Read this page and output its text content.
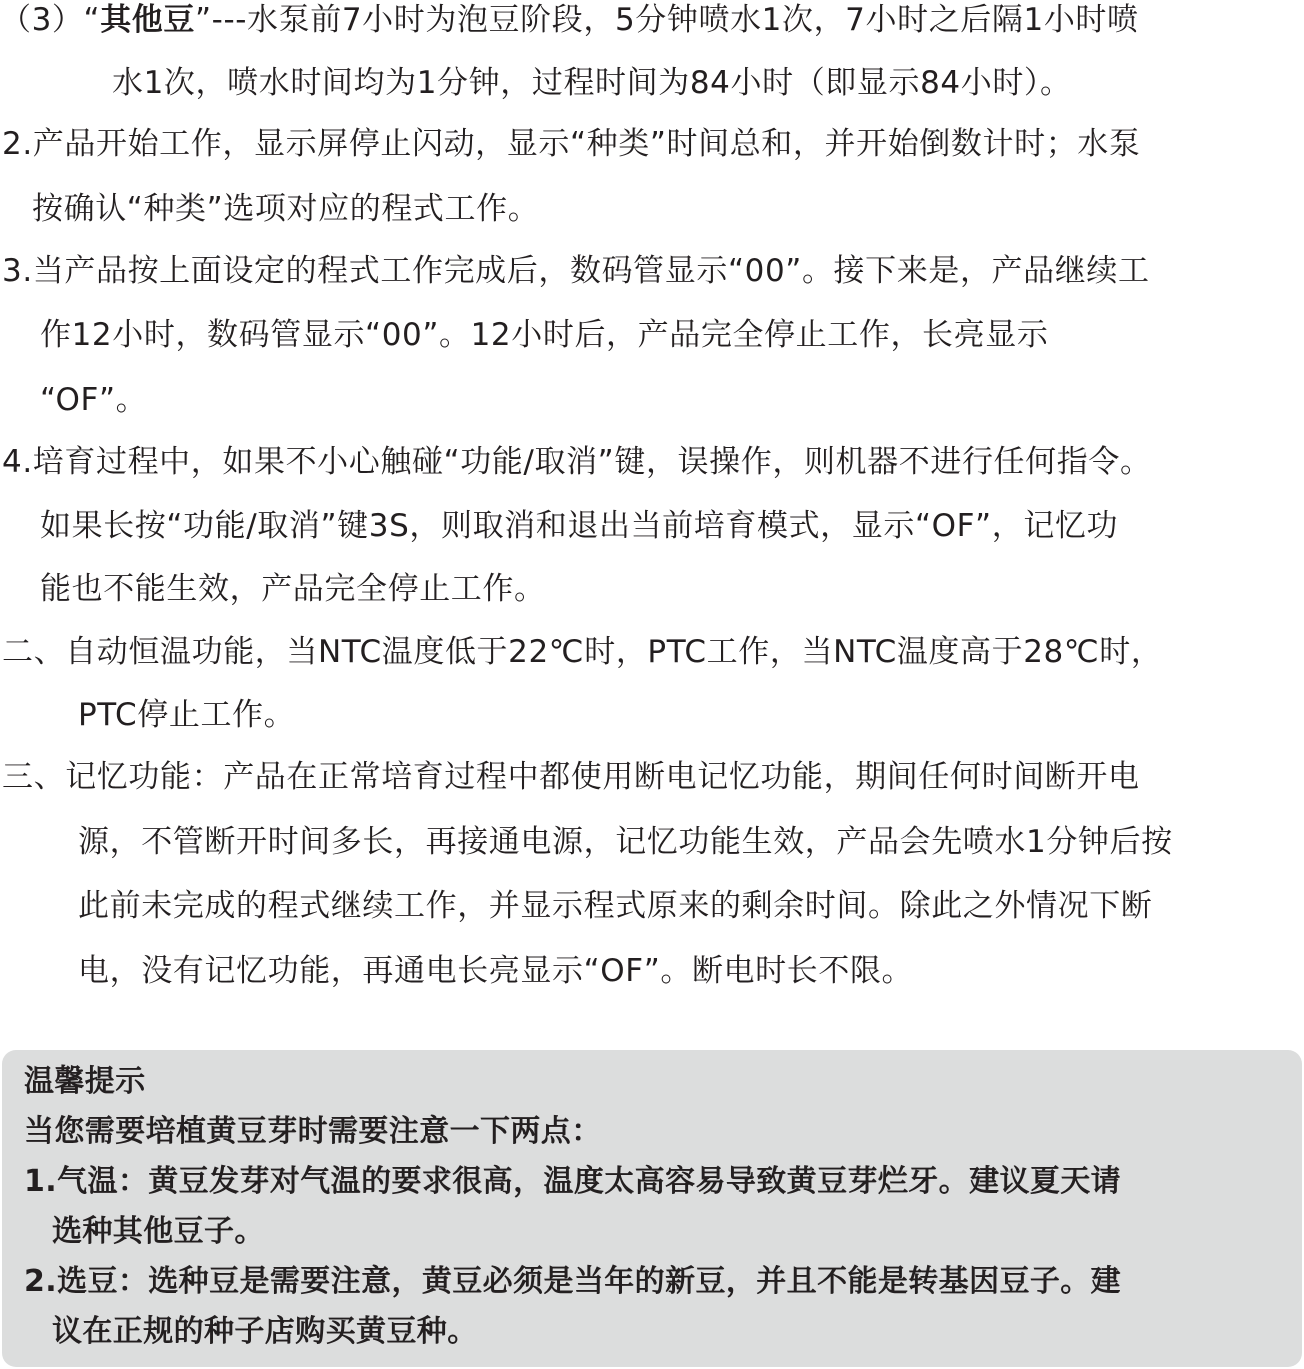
（3）“其他豆”---水泵前7小时为泡豆阶段，5分钟喷水1次，7小时之后隔1小时喷
水1次，喷水时间均为1分钟，过程时间为84小时（即显示84小时）。
2.产品开始工作，显示屏停止闪动，显示“种类”时间总和，并开始倒数计时；水泵
按确认“种类”选项对应的程式工作。
3.当产品按上面设定的程式工作完成后，数码管显示“00”。接下来是，产品继续工
作12小时，数码管显示“00”。12小时后，产品完全停止工作，长亮显示
“OF”。
4.培育过程中，如果不小心触碰“功能/取消”键，误操作，则机器不进行任何指令。
如果长按“功能/取消”键3S，则取消和退出当前培育模式，显示“OF”，记忆功
能也不能生效，产品完全停止工作。
二、自动恒温功能，当NTC温度低于22℃时，PTC工作，当NTC温度高于28℃时，
PTC停止工作。
三、记忆功能：产品在正常培育过程中都使用断电记忆功能，期间任何时间断开电
源，不管断开时间多长，再接通电源，记忆功能生效，产品会先喷水1分钟后按
此前未完成的程式继续工作，并显示程式原来的剩余时间。除此之外情况下断
电，没有记忆功能，再通电长亮显示“OF”。断电时长不限。
温馨提示
当您需要培植黄豆芽时需要注意一下两点：
1.气温：黄豆发芽对气温的要求很高，温度太高容易导致黄豆芽烂牙。建议夏天请
选种其他豆子。
2.选豆：选种豆是需要注意，黄豆必须是当年的新豆，并且不能是转基因豆子。建
议在正规的种子店购买黄豆种。
